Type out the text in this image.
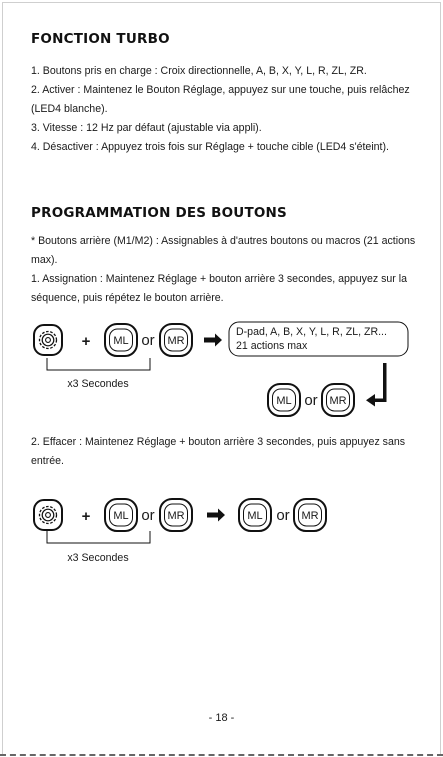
FONCTION TURBO

1. Boutons pris en charge : Croix directionnelle, A, B, X, Y, L, R, ZL, ZR.

2. Activer : Maintenez le Bouton Réglage, appuyez sur une touche, puis relâchez (LED4 blanche).

3. Vitesse : 12 Hz par défaut (ajustable via appli).

4. Désactiver : Appuyez trois fois sur Réglage + touche cible (LED4 s'éteint).

PROGRAMMATION DES BOUTONS

* Boutons arrière (M1/M2) : Assignables à d'autres boutons ou macros (21 actions max).

1. Assignation : Maintenez Réglage + bouton arrière 3 secondes, appuyez sur la séquence, puis répétez le bouton arrière.

2. Effacer : Maintenez Réglage + bouton arrière 3 secondes, puis appuyez sans entrée.

+ ML or MR
D-pad, A, B, X, Y, L, R, ZL, ZR...
21 actions max
x3 Secondes
ML or MR
+ ML or MR	ML or MR
x3 Secondes
- 18 -
